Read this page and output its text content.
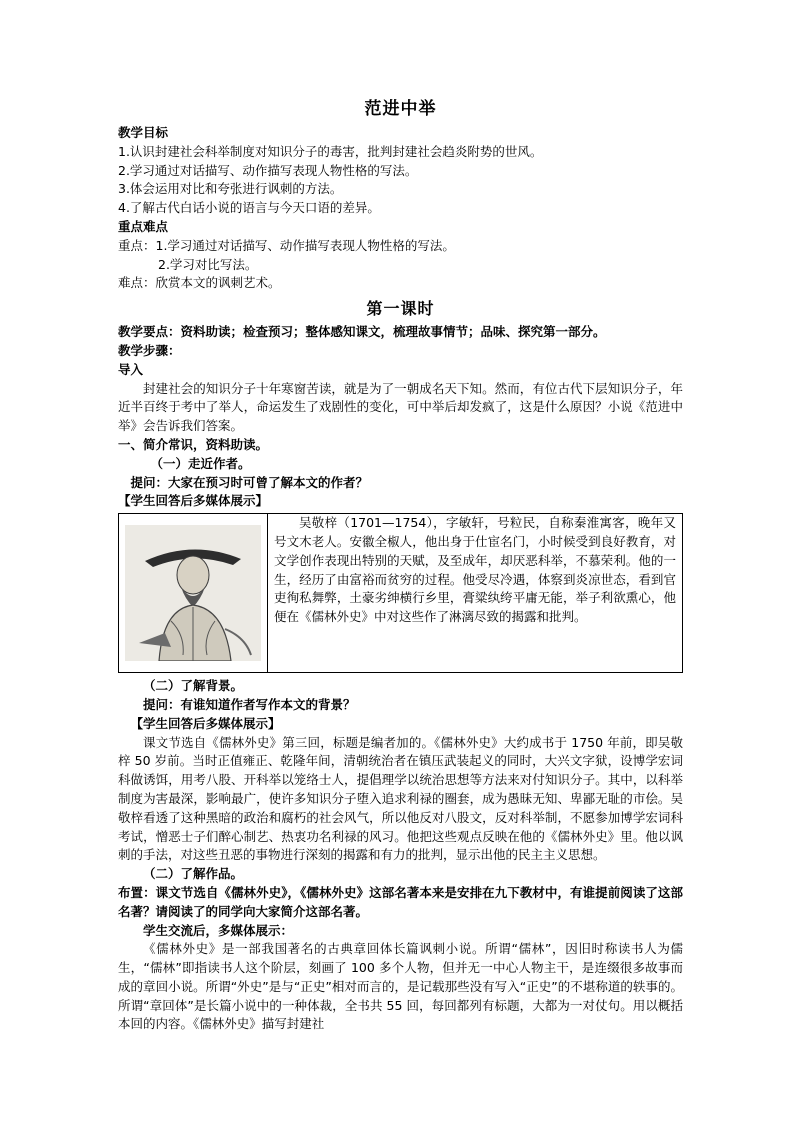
范进中举
教学目标
1.认识封建社会科举制度对知识分子的毒害，批判封建社会趋炎附势的世风。
2.学习通过对话描写、动作描写表现人物性格的写法。
3.体会运用对比和夸张进行讽刺的方法。
4.了解古代白话小说的语言与今天口语的差异。
重点难点
重点：1.学习通过对话描写、动作描写表现人物性格的写法。
2.学习对比写法。
难点：欣赏本文的讽刺艺术。
第一课时
教学要点：资料助读；检查预习；整体感知课文，梳理故事情节；品味、探究第一部分。
教学步骤：
导入

封建社会的知识分子十年寒窗苦读，就是为了一朝成名天下知。然而，有位古代下层知识分子，年近半百终于考中了举人，命运发生了戏剧性的变化，可中举后却发疯了，这是什么原因？小说《范进中举》会告诉我们答案。

一、简介常识，资料助读。
（一）走近作者。
提问：大家在预习时可曾了解本文的作者？
【学生回答后多媒体展示】

吴敬梓（1701—1754），字敏轩，号粒民，自称秦淮寓客，晚年又号文木老人。安徽全椒人，他出身于仕宦名门，小时候受到良好教育，对文学创作表现出特别的天赋，及至成年，却厌恶科举，不慕荣利。他的一生，经历了由富裕而贫穷的过程。他受尽冷遇，体察到炎凉世态，看到官吏徇私舞弊，土豪劣绅横行乡里，膏粱纨绔平庸无能，举子利欲熏心，他便在《儒林外史》中对这些作了淋漓尽致的揭露和批判。

（二）了解背景。
提问：有谁知道作者写作本文的背景？
【学生回答后多媒体展示】

课文节选自《儒林外史》第三回，标题是编者加的。《儒林外史》大约成书于 1750 年前，即吴敬梓 50 岁前。当时正值雍正、乾隆年间，清朝统治者在镇压武装起义的同时，大兴文字狱，设博学宏词科做诱饵，用考八股、开科举以笼络士人，提倡理学以统治思想等方法来对付知识分子。其中，以科举制度为害最深，影响最广，使许多知识分子堕入追求利禄的圈套，成为愚昧无知、卑鄙无耻的市侩。吴敬梓看透了这种黑暗的政治和腐朽的社会风气，所以他反对八股文，反对科举制，不愿参加博学宏词科考试，憎恶士子们醉心制艺、热衷功名利禄的风习。他把这些观点反映在他的《儒林外史》里。他以讽刺的手法，对这些丑恶的事物进行深刻的揭露和有力的批判，显示出他的民主主义思想。

（二）了解作品。

布置：课文节选自《儒林外史》，《儒林外史》这部名著本来是安排在九下教材中，有谁提前阅读了这部名著？请阅读了的同学向大家简介这部名著。

学生交流后，多媒体展示：

《儒林外史》是一部我国著名的古典章回体长篇讽刺小说。所谓“儒林”，因旧时称读书人为儒生，“儒林”即指读书人这个阶层，刻画了 100 多个人物，但并无一中心人物主干，是连缀很多故事而成的章回小说。所谓“外史”是与“正史”相对而言的，是记载那些没有写入“正史”的不堪称道的轶事的。所谓“章回体”是长篇小说中的一种体裁，全书共 55 回，每回都列有标题，大都为一对仗句。用以概括本回的内容。《儒林外史》描写封建社
